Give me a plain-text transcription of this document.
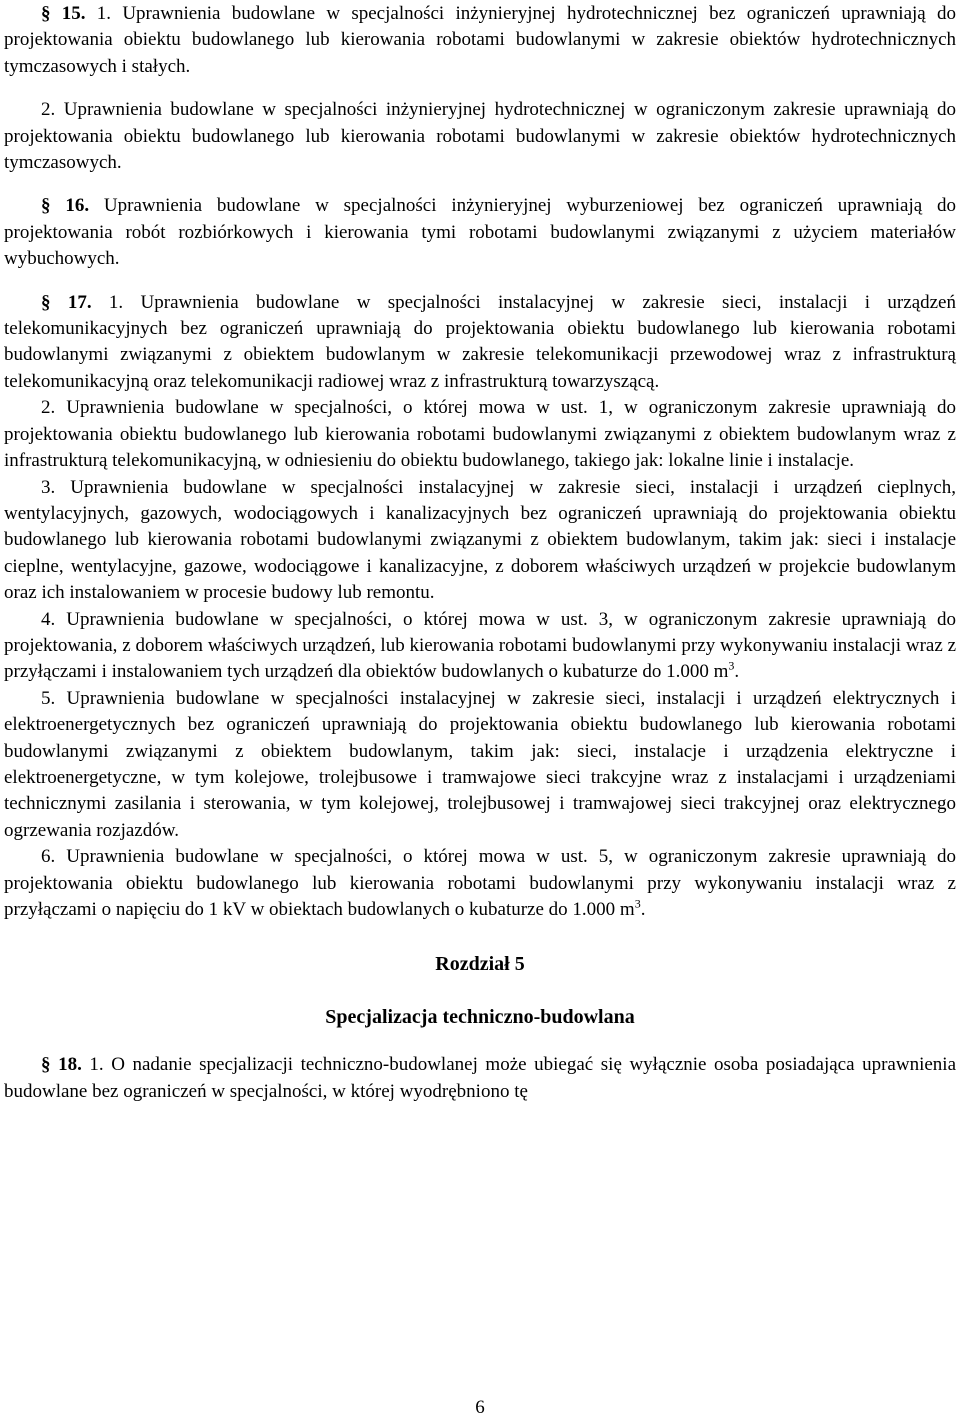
§ 15. 1. Uprawnienia budowlane w specjalności inżynieryjnej hydrotechnicznej bez ograniczeń uprawniają do projektowania obiektu budowlanego lub kierowania robotami budowlanymi w zakresie obiektów hydrotechnicznych tymczasowych i stałych.

2. Uprawnienia budowlane w specjalności inżynieryjnej hydrotechnicznej w ograniczonym zakresie uprawniają do projektowania obiektu budowlanego lub kierowania robotami budowlanymi w zakresie obiektów hydrotechnicznych tymczasowych.

§ 16. Uprawnienia budowlane w specjalności inżynieryjnej wyburzeniowej bez ograniczeń uprawniają do projektowania robót rozbiórkowych i kierowania tymi robotami budowlanymi związanymi z użyciem materiałów wybuchowych.

§ 17. 1. Uprawnienia budowlane w specjalności instalacyjnej w zakresie sieci, instalacji i urządzeń telekomunikacyjnych bez ograniczeń uprawniają do projektowania obiektu budowlanego lub kierowania robotami budowlanymi związanymi z obiektem budowlanym w zakresie telekomunikacji przewodowej wraz z infrastrukturą telekomunikacyjną oraz telekomunikacji radiowej wraz z infrastrukturą towarzyszącą.

2. Uprawnienia budowlane w specjalności, o której mowa w ust. 1, w ograniczonym zakresie uprawniają do projektowania obiektu budowlanego lub kierowania robotami budowlanymi związanymi z obiektem budowlanym wraz z infrastrukturą telekomunikacyjną, w odniesieniu do obiektu budowlanego, takiego jak: lokalne linie i instalacje.

3. Uprawnienia budowlane w specjalności instalacyjnej w zakresie sieci, instalacji i urządzeń cieplnych, wentylacyjnych, gazowych, wodociągowych i kanalizacyjnych bez ograniczeń uprawniają do projektowania obiektu budowlanego lub kierowania robotami budowlanymi związanymi z obiektem budowlanym, takim jak: sieci i instalacje cieplne, wentylacyjne, gazowe, wodociągowe i kanalizacyjne, z doborem właściwych urządzeń w projekcie budowlanym oraz ich instalowaniem w procesie budowy lub remontu.

4. Uprawnienia budowlane w specjalności, o której mowa w ust. 3, w ograniczonym zakresie uprawniają do projektowania, z doborem właściwych urządzeń, lub kierowania robotami budowlanymi przy wykonywaniu instalacji wraz z przyłączami i instalowaniem tych urządzeń dla obiektów budowlanych o kubaturze do 1.000 $m^3$.

5. Uprawnienia budowlane w specjalności instalacyjnej w zakresie sieci, instalacji i urządzeń elektrycznych i elektroenergetycznych bez ograniczeń uprawniają do projektowania obiektu budowlanego lub kierowania robotami budowlanymi związanymi z obiektem budowlanym, takim jak: sieci, instalacje i urządzenia elektryczne i elektroenergetyczne, w tym kolejowe, trolejbusowe i tramwajowe sieci trakcyjne wraz z instalacjami i urządzeniami technicznymi zasilania i sterowania, w tym kolejowej, trolejbusowej i tramwajowej sieci trakcyjnej oraz elektrycznego ogrzewania rozjazdów.

6. Uprawnienia budowlane w specjalności, o której mowa w ust. 5, w ograniczonym zakresie uprawniają do projektowania obiektu budowlanego lub kierowania robotami budowlanymi przy wykonywaniu instalacji wraz z przyłączami o napięciu do 1 kV w obiektach budowlanych o kubaturze do 1.000 $m^3$.

Rozdział 5

Specjalizacja techniczno-budowlana

§ 18. 1. O nadanie specjalizacji techniczno-budowlanej może ubiegać się wyłącznie osoba posiadająca uprawnienia budowlane bez ograniczeń w specjalności, w której wyodrębniono tę

6
